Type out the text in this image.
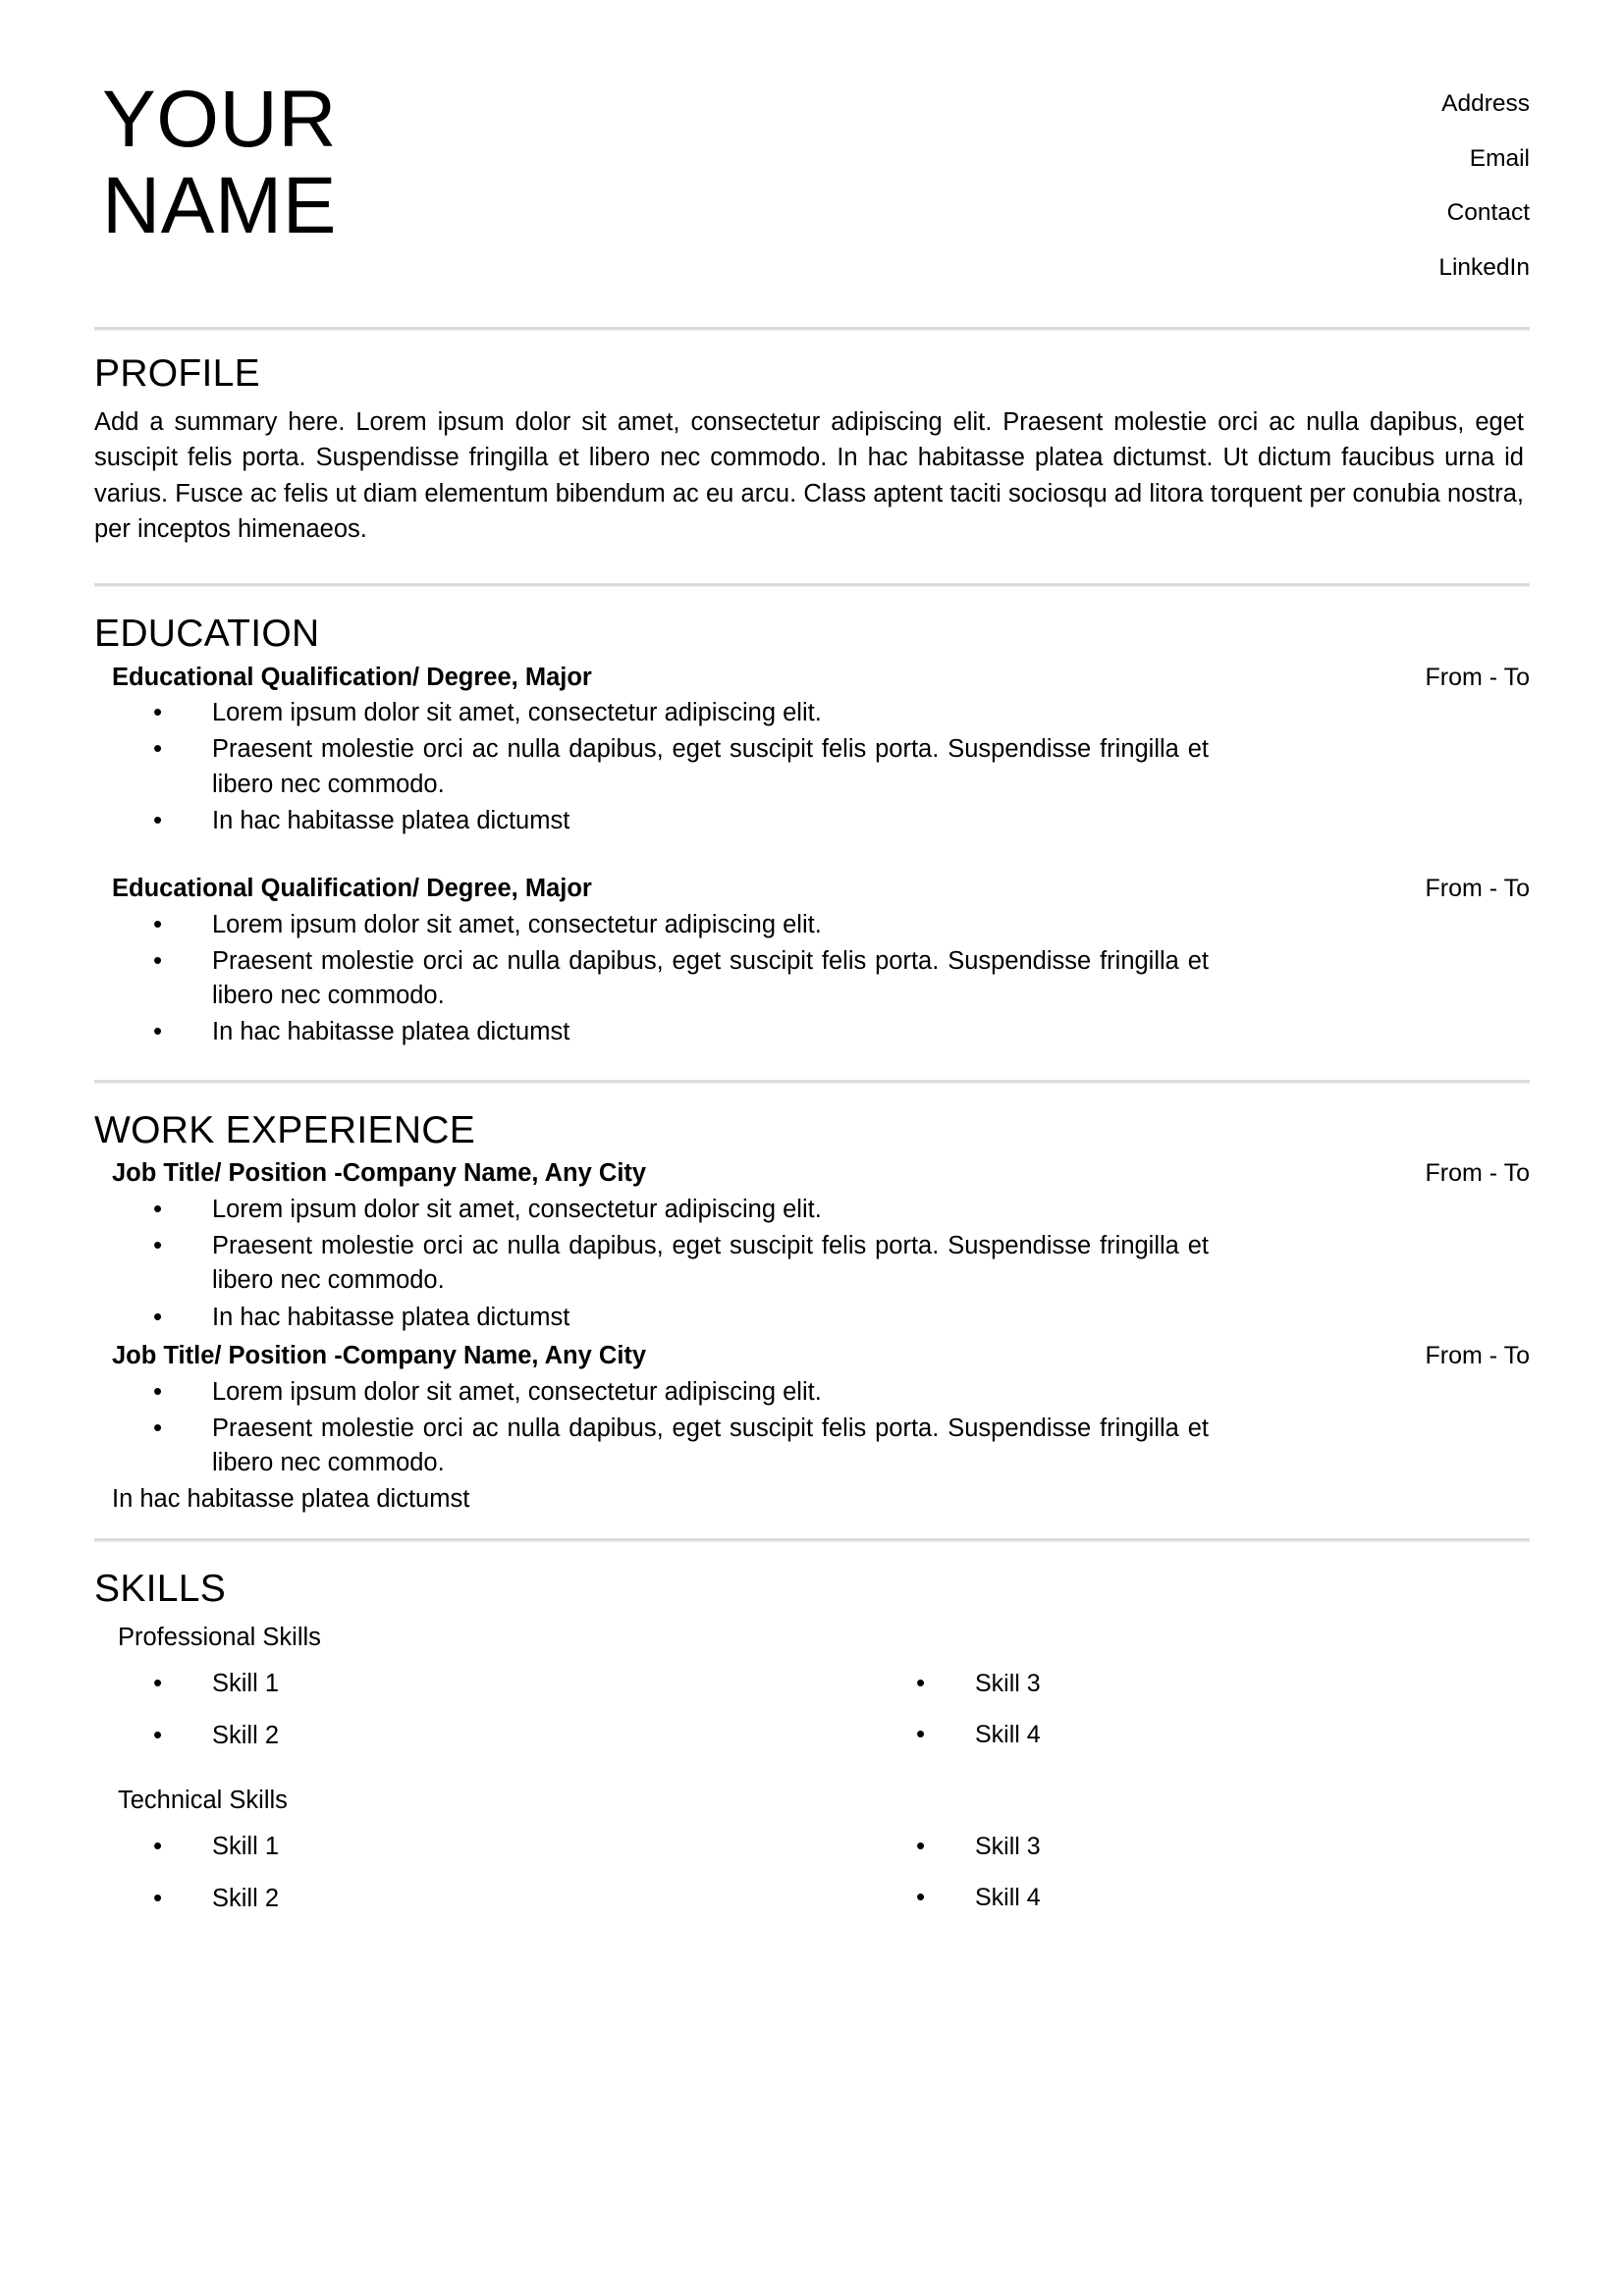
YOUR
NAME
Address
Email
Contact
LinkedIn
PROFILE
Add a summary here. Lorem ipsum dolor sit amet, consectetur adipiscing elit. Praesent molestie orci ac nulla dapibus, eget suscipit felis porta. Suspendisse fringilla et libero nec commodo. In hac habitasse platea dictumst. Ut dictum faucibus urna id varius. Fusce ac felis ut diam elementum bibendum ac eu arcu. Class aptent taciti sociosqu ad litora torquent per conubia nostra, per inceptos himenaeos.
EDUCATION
Educational Qualification/ Degree, Major	From - To
• Lorem ipsum dolor sit amet, consectetur adipiscing elit.
• Praesent molestie orci ac nulla dapibus, eget suscipit felis porta. Suspendisse fringilla et libero nec commodo.
• In hac habitasse platea dictumst
Educational Qualification/ Degree, Major	From - To
• Lorem ipsum dolor sit amet, consectetur adipiscing elit.
• Praesent molestie orci ac nulla dapibus, eget suscipit felis porta. Suspendisse fringilla et libero nec commodo.
• In hac habitasse platea dictumst
WORK EXPERIENCE
Job Title/ Position -Company Name, Any City	From - To
• Lorem ipsum dolor sit amet, consectetur adipiscing elit.
• Praesent molestie orci ac nulla dapibus, eget suscipit felis porta. Suspendisse fringilla et libero nec commodo.
• In hac habitasse platea dictumst
Job Title/ Position -Company Name, Any City	From - To
• Lorem ipsum dolor sit amet, consectetur adipiscing elit.
• Praesent molestie orci ac nulla dapibus, eget suscipit felis porta. Suspendisse fringilla et libero nec commodo.
In hac habitasse platea dictumst
SKILLS
Professional Skills
• Skill 1
• Skill 2
• Skill 3
• Skill 4
Technical Skills
• Skill 1
• Skill 2
• Skill 3
• Skill 4
